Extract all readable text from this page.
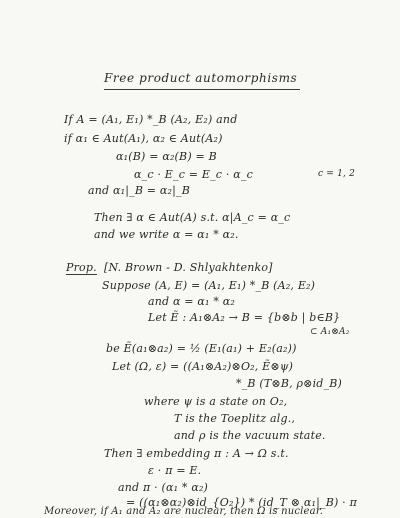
Free product automorphisms
If A = (A₁, E₁) *_B (A₂, E₂) and
if α₁ ∈ Aut(A₁), α₂ ∈ Aut(A₂)
α₁(B) = α₂(B) = B
α_c · E_c = E_c · α_c	c = 1, 2
and α₁|_B = α₂|_B
Then ∃ α ∈ Aut(A) s.t. α|A_c = α_c
and we write α = α₁ * α₂.
Prop. [N. Brown - D. Shlyakhtenko]
Suppose (A, E) = (A₁, E₁) *_B (A₂, E₂)
and α = α₁ * α₂
Let Ẽ : A₁⊗A₂ → B = {b⊗b | b∈B}
⊂ A₁⊗A₂
be Ẽ(a₁⊗a₂) = ½ (E₁(a₁) + E₂(a₂))
Let (Ω, ε) = ((A₁⊗A₂)⊗O₂, Ẽ⊗ψ)
*_B (T⊗B, ρ⊗id_B)
where ψ is a state on O₂,
T is the Toeplitz alg.,
and ρ is the vacuum state.
Then ∃ embedding π : A → Ω s.t.
ε · π = E.
and π · (α₁ * α₂)
= ((α₁⊗α₂)⊗id_{O₂}) * (id_T ⊗ α₁|_B) · π
Moreover, if A₁ and A₂ are nuclear, then Ω is nuclear.
